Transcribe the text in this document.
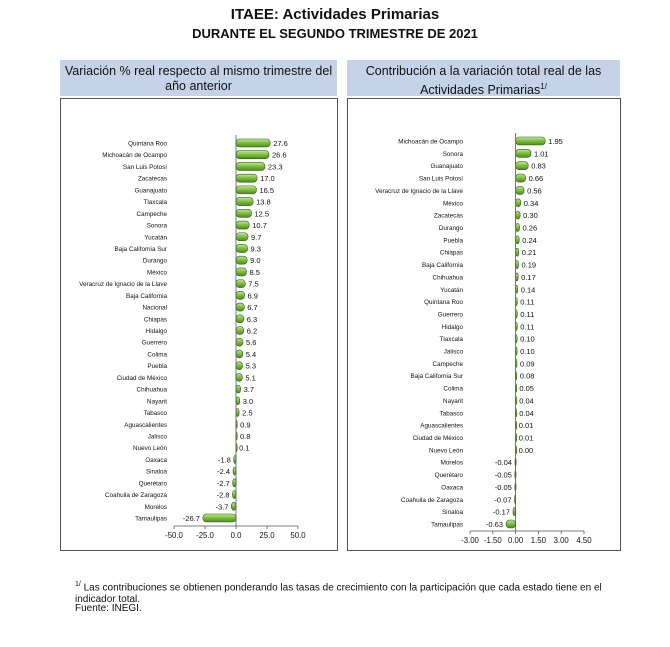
ITAEE: Actividades Primarias
DURANTE EL SEGUNDO TRIMESTRE DE 2021
Variación % real respecto al mismo trimestre del año anterior
Contribución a la variación total real de las Actividades Primarias$^{1/}$
Quintana Roo	27.6
Michoacán de Ocampo	26.6
San Luis Potosí	23.3
Zacatecas	17.0
Guanajuato	16.5
Tlaxcala	13.8
Campeche	12.5
Sonora	10.7
Yucatán	9.7
Baja California Sur	9.3
Durango	9.0
México	8.5
Veracruz de Ignacio de la Llave	7.5
Baja California	6.9
Nacional	6.7
Chiapas	6.3
Hidalgo	6.2
Guerrero	5.6
Colima	5.4
Puebla	5.3
Ciudad de México	5.1
Chihuahua	3.7
Nayarit	3.0
Tabasco	2.5
Aguascalientes	0.9
Jalisco	0.8
Nuevo León	0.1
Oaxaca	-1.8
Sinaloa	-2.4
Querétaro	-2.7
Coahuila de Zaragoza	-2.8
Morelos	-3.7
Tamaulipas -26.7
-50.0 -25.0 0.0 25.0 50.0
Michoacán de Ocampo	1.95
Sonora	1.01
Guanajuato	0.83
San Luis Potosí	0.66
Veracruz de Ignacio de la Llave	0.56
México	0.34
Zacatecas	0.30
Durango	0.26
Puebla	0.24
Chiapas	0.21
Baja California	0.19
Chihuahua	0.17
Yucatán	0.14
Quintana Roo	0.11
Guerrero	0.11
Hidalgo	0.11
Tlaxcala	0.10
Jalisco	0.10
Campeche	0.09
Baja California Sur	0.08
Colima	0.05
Nayarit	0.04
Tabasco	0.04
Aguascalientes	0.01
Ciudad de México	0.01
Nuevo León	0.00
Morelos	-0.04
Querétaro	-0.05
Oaxaca	-0.05
Coahuila de Zaragoza	-0.07
Sinaloa	-0.17
Tamaulipas	-0.63
-3.00 -1.50 0.00 1.50 3.00 4.50
$^{1/}$ Las contribuciones se obtienen ponderando las tasas de crecimiento con la participación que cada estado tiene en el indicador total.
Fuente: INEGI.
